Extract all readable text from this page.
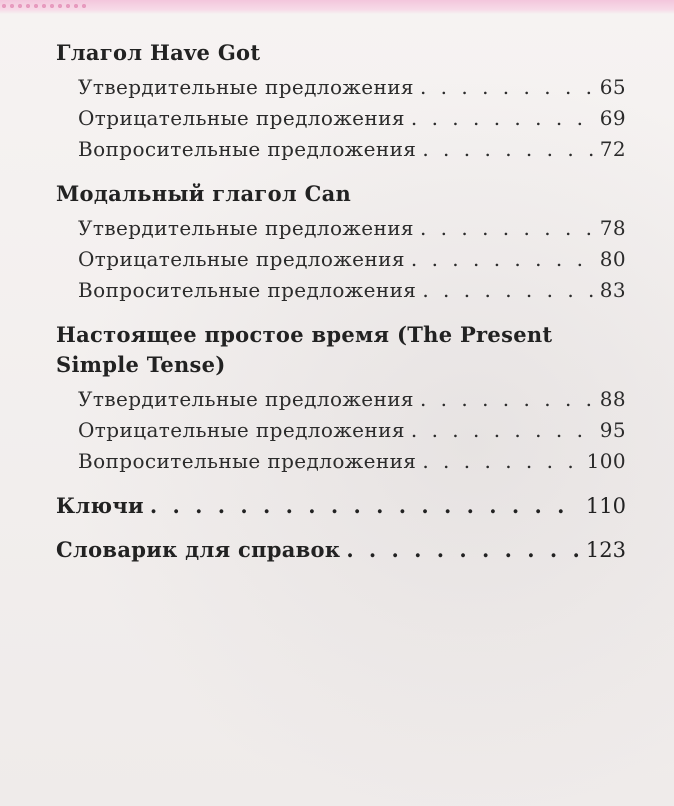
Глагол Have Got
Утвердительные предложения . . .	65
Отрицательные предложения . . .	69
Вопросительные предложения . . .	72
Модальный глагол Can
Утвердительные предложения . . .	78
Отрицательные предложения . . .	80
Вопросительные предложения . . .	83
Настоящее простое время (The Present
Simple Tense)
Утвердительные предложения . . .	88
Отрицательные предложения . . .	95
Вопросительные предложения . . .	100
Ключи . . .	110
Словарик для справок . . .	123
